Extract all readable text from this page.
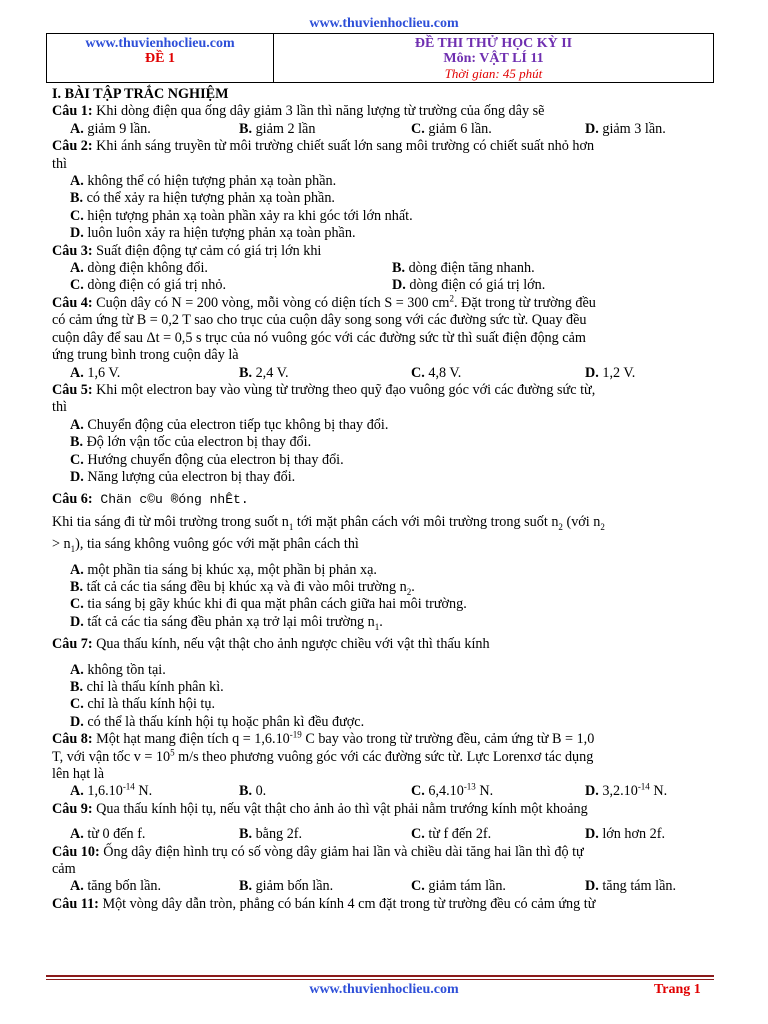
www.thuvienhoclieu.com
www.thuvienhoclieu.com
ĐỀ 1

ĐỀ THI THỬ HỌC KỲ II
Môn: VẬT LÍ 11
Thời gian: 45 phút

I. BÀI TẬP TRẮC NGHIỆM

Câu 1: Khi dòng điện qua ống dây giảm 3 lần thì năng lượng từ trường của ống dây sẽ

A. giảm 9 lần.	B. giảm 2 lần	C. giảm 6 lần.	D. giảm 3 lần.

Câu 2: Khi ánh sáng truyền từ môi trường chiết suất lớn sang môi trường có chiết suất nhỏ hơn

thì

A. không thể có hiện tượng phản xạ toàn phần.

B. có thể xảy ra hiện tượng phản xạ toàn phần.

C. hiện tượng phản xạ toàn phần xảy ra khi góc tới lớn nhất.

D. luôn luôn xảy ra hiện tượng phản xạ toàn phần.

Câu 3: Suất điện động tự cảm có giá trị lớn khi

A. dòng điện không đổi.	B. dòng điện tăng nhanh.
C. dòng điện có giá trị nhỏ.	D. dòng điện có giá trị lớn.

Câu 4: Cuộn dây có N = 200 vòng, mỗi vòng có diện tích S = 300 $cm^2$. Đặt trong từ trường đều

có cảm ứng từ B = 0,2 T sao cho trục của cuộn dây song song với các đường sức từ. Quay đều

cuộn dây để sau Δt = 0,5 s trục của nó vuông góc với các đường sức từ thì suất điện động cảm

ứng trung bình trong cuộn dây là

A. 1,6 V.	B. 2,4 V.	C. 4,8 V.	D. 1,2 V.

Câu 5: Khi một electron bay vào vùng từ trường theo quỹ đạo vuông góc với các đường sức từ,

thì

A. Chuyển động của electron tiếp tục không bị thay đổi.

B. Độ lớn vận tốc của electron bị thay đổi.

C. Hướng chuyển động của electron bị thay đổi.

D. Năng lượng của electron bị thay đổi.

Câu 6: Chän c©u ®óng nhÊt.

Khi tia sáng đi từ môi trường trong suốt $n_1$ tới mặt phân cách với môi trường trong suốt $n_2$ (với $n_2$

> $n_1$), tia sáng không vuông góc với mặt phân cách thì

A. một phần tia sáng bị khúc xạ, một phần bị phản xạ.

B. tất cả các tia sáng đều bị khúc xạ và đi vào môi trường $n_2$.

C. tia sáng bị gãy khúc khi đi qua mặt phân cách giữa hai môi trường.

D. tất cả các tia sáng đều phản xạ trở lại môi trường $n_1$.

Câu 7: Qua thấu kính, nếu vật thật cho ảnh ngược chiều với vật thì thấu kính

A. không tồn tại.

B. chỉ là thấu kính phân kì.

C. chỉ là thấu kính hội tụ.

D. có thể là thấu kính hội tụ hoặc phân kì đều được.

Câu 8: Một hạt mang điện tích $q = 1,6.10^{-19}$ C bay vào trong từ trường đều, cảm ứng từ B = 1,0

T, với vận tốc $v = 10^5$ m/s theo phương vuông góc với các đường sức từ. Lực Lorenxơ tác dụng

lên hạt là

A. $1,6.10^{-14}$ N.	B. 0.	C. $6,4.10^{-13}$ N.	D. $3,2.10^{-14}$ N.

Câu 9: Qua thấu kính hội tụ, nếu vật thật cho ảnh ảo thì vật phải nằm trướng kính một khoảng

A. từ 0 đến f.	B. bằng 2f.	C. từ f đến 2f.	D. lớn hơn 2f.

Câu 10: Ống dây điện hình trụ có số vòng dây giảm hai lần và chiều dài tăng hai lần thì độ tự

cảm

A. tăng bốn lần.	B. giảm bốn lần.	C. giảm tám lần.	D. tăng tám lần.

Câu 11: Một vòng dây dẫn tròn, phẳng có bán kính 4 cm đặt trong từ trường đều có cảm ứng từ

www.thuvienhoclieu.com	Trang 1
